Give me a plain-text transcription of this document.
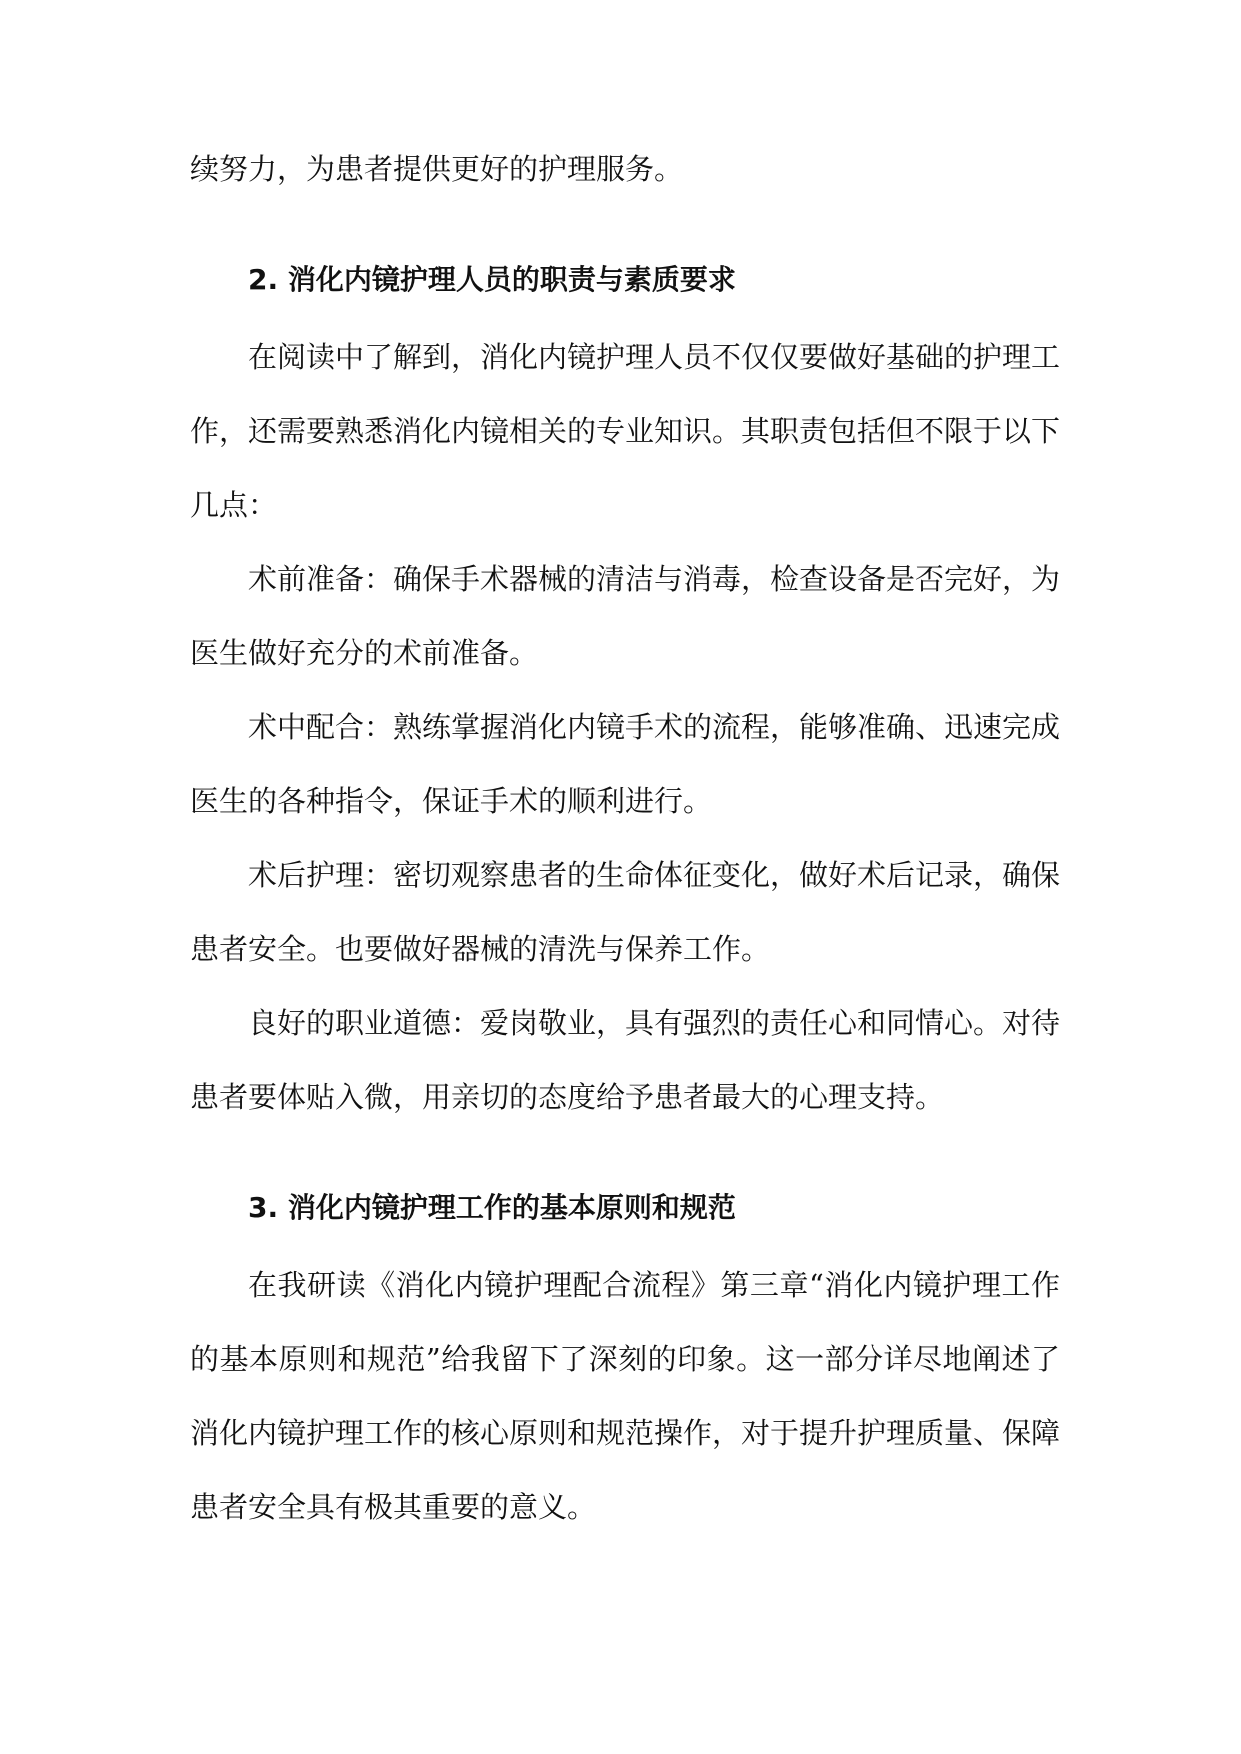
续努力，为患者提供更好的护理服务。
2. 消化内镜护理人员的职责与素质要求
在阅读中了解到，消化内镜护理人员不仅仅要做好基础的护理工
作，还需要熟悉消化内镜相关的专业知识。其职责包括但不限于以下
几点：
术前准备：确保手术器械的清洁与消毒，检查设备是否完好，为
医生做好充分的术前准备。
术中配合：熟练掌握消化内镜手术的流程，能够准确、迅速完成
医生的各种指令，保证手术的顺利进行。
术后护理：密切观察患者的生命体征变化，做好术后记录，确保
患者安全。也要做好器械的清洗与保养工作。
良好的职业道德：爱岗敬业，具有强烈的责任心和同情心。对待
患者要体贴入微，用亲切的态度给予患者最大的心理支持。
3. 消化内镜护理工作的基本原则和规范
在我研读《消化内镜护理配合流程》第三章“消化内镜护理工作
的基本原则和规范”给我留下了深刻的印象。这一部分详尽地阐述了
消化内镜护理工作的核心原则和规范操作，对于提升护理质量、保障
患者安全具有极其重要的意义。
